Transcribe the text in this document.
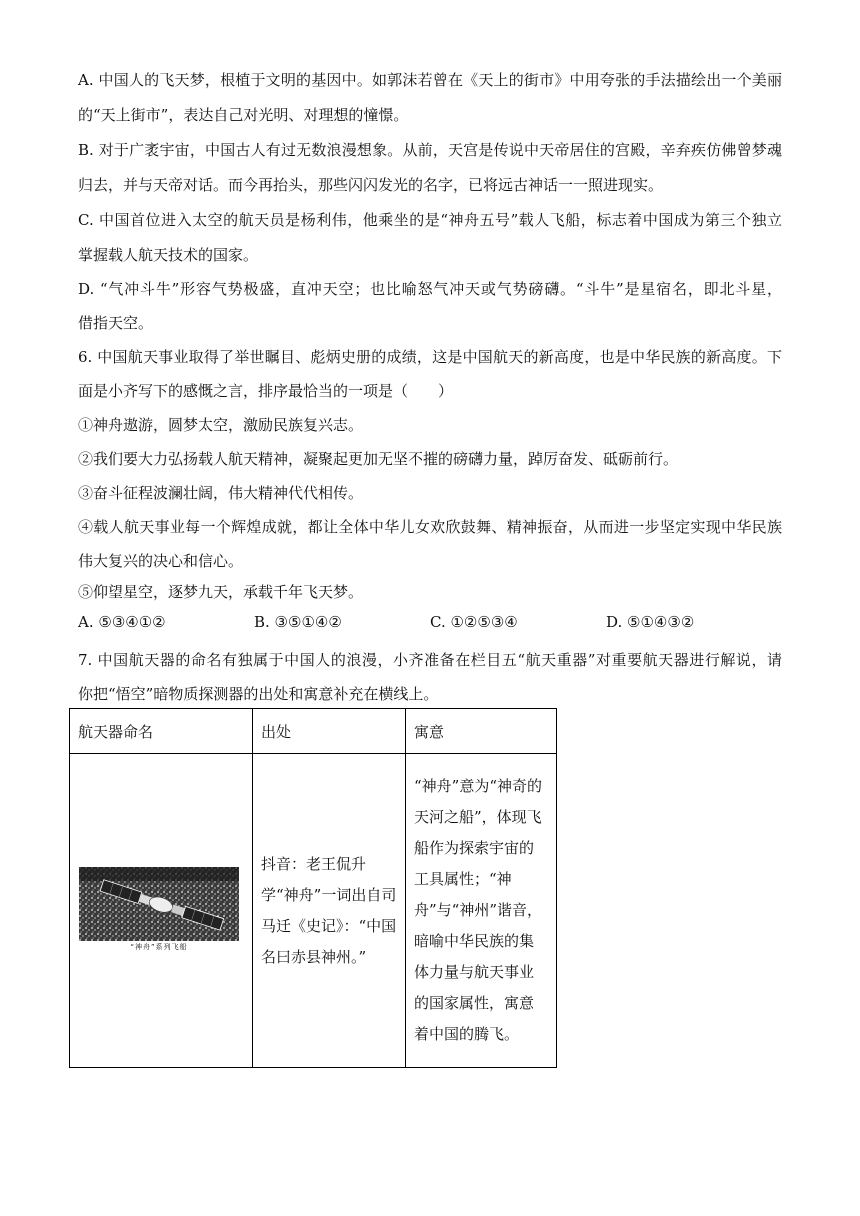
A. 中国人的飞天梦，根植于文明的基因中。如郭沫若曾在《天上的街市》中用夸张的手法描绘出一个美丽
的“天上街市”，表达自己对光明、对理想的憧憬。
B. 对于广袤宇宙，中国古人有过无数浪漫想象。从前，天宫是传说中天帝居住的宫殿，辛弃疾仿佛曾梦魂
归去，并与天帝对话。而今再抬头，那些闪闪发光的名字，已将远古神话一一照进现实。
C. 中国首位进入太空的航天员是杨利伟，他乘坐的是“神舟五号”载人飞船，标志着中国成为第三个独立
掌握载人航天技术的国家。
D. “气冲斗牛”形容气势极盛，直冲天空；也比喻怒气冲天或气势磅礴。“斗牛”是星宿名，即北斗星，
借指天空。
6. 中国航天事业取得了举世瞩目、彪炳史册的成绩，这是中国航天的新高度，也是中华民族的新高度。下
面是小齐写下的感慨之言，排序最恰当的一项是（　　）
①神舟遨游，圆梦太空，激励民族复兴志。
②我们要大力弘扬载人航天精神，凝聚起更加无坚不摧的磅礴力量，踔厉奋发、砥砺前行。
③奋斗征程波澜壮阔，伟大精神代代相传。
④载人航天事业每一个辉煌成就，都让全体中华儿女欢欣鼓舞、精神振奋，从而进一步坚定实现中华民族
伟大复兴的决心和信心。
⑤仰望星空，逐梦九天，承载千年飞天梦。
A. ⑤③④①②	B. ③⑤①④②	C. ①②⑤③④	D. ⑤①④③②
7. 中国航天器的命名有独属于中国人的浪漫，小齐准备在栏目五“航天重器”对重要航天器进行解说，请
你把“悟空”暗物质探测器的出处和寓意补充在横线上。
航天器命名	出处	寓意

“神舟”系列飞船	抖音：老王侃升学“神舟”一词出自司马迁《史记》：“中国名曰赤县神州。”	“神舟”意为“神奇的天河之船”，体现飞船作为探索宇宙的工具属性；“神舟”与“神州”谐音，暗喻中华民族的集体力量与航天事业的国家属性，寓意着中国的腾飞。
